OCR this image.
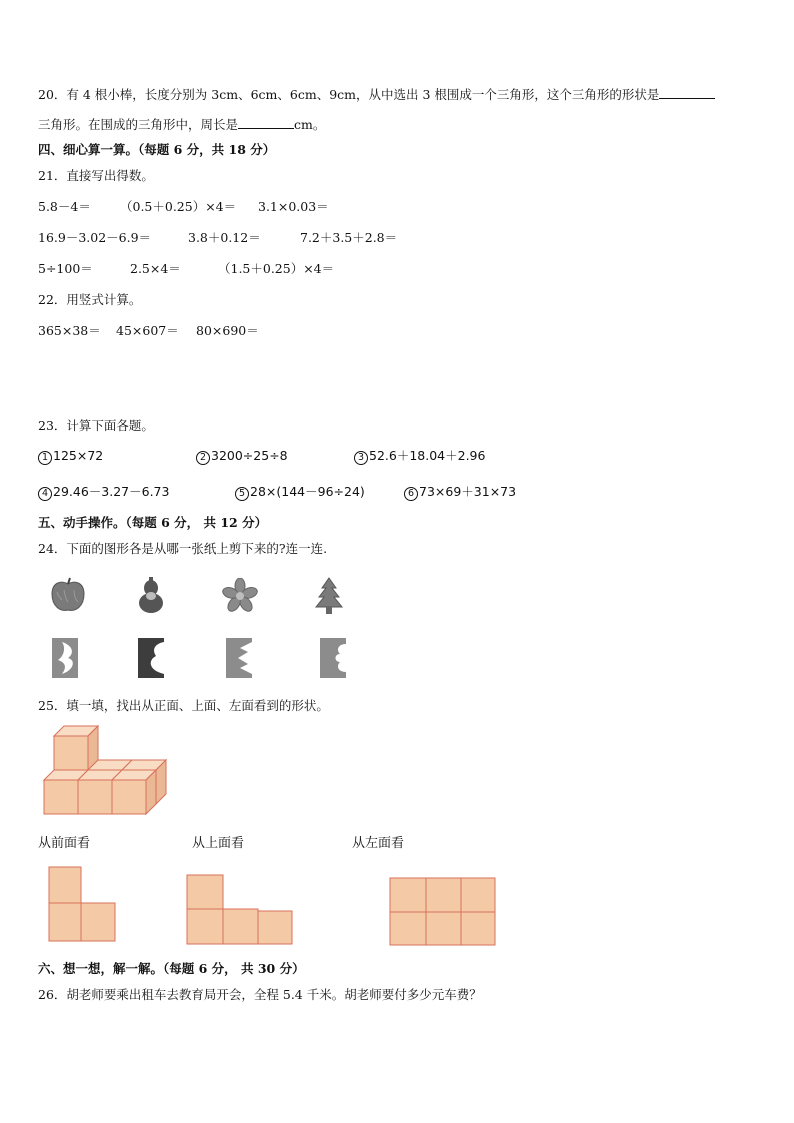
20．有 4 根小棒，长度分别为 3cm、6cm、6cm、9cm，从中选出 3 根围成一个三角形，这个三角形的形状是
三角形。在围成的三角形中，周长是	cm。
四、细心算一算。（每题 6 分，共 18 分）
21．直接写出得数。
5.8－4＝ （0.5＋0.25）×4＝ 3.1×0.03＝
16.9－3.02－6.9＝	3.8＋0.12＝	7.2＋3.5＋2.8＝
5÷100＝	2.5×4＝	（1.5＋0.25）×4＝
22．用竖式计算。
365×38＝ 45×607＝ 80×690＝
23．计算下面各题。
1 125×72	2 3200÷25÷8	3 52.6＋18.04＋2.96
4 29.46－3.27－6.73	5 28×(144－96÷24)	6 73×69＋31×73
五、动手操作。（每题 6 分， 共 12 分）
24．下面的图形各是从哪一张纸上剪下来的?连一连.
25．填一填，找出从正面、上面、左面看到的形状。
从前面看	从上面看	从左面看
六、想一想，解一解。（每题 6 分， 共 30 分）
26．胡老师要乘出租车去教育局开会，全程 5.4 千米。胡老师要付多少元车费？
